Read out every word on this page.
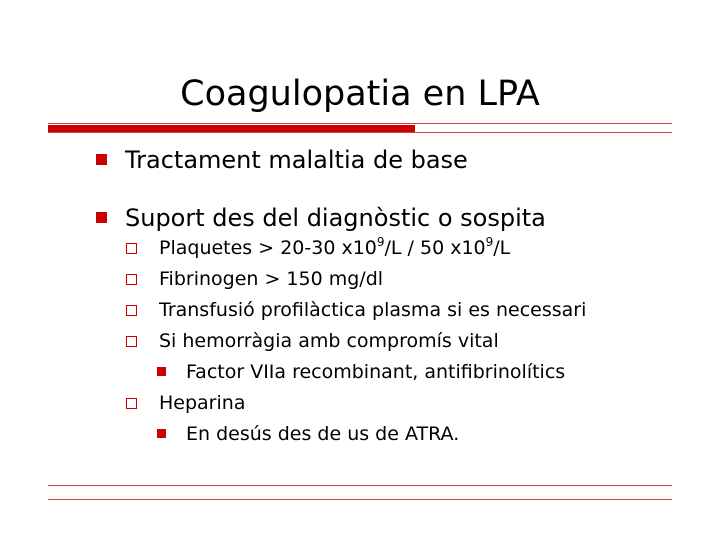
Coagulopatia en LPA
Tractament malaltia de base
Suport des del diagnòstic o sospita
Plaquetes > 20-30 $x10^9/L / 50$ $x10^9/L$
Fibrinogen > 150 mg/dl
Transfusió profilàctica plasma si es necessari
Si hemorràgia amb compromís vital
Factor VIIa recombinant, antifibrinolítics
Heparina
En desús des de us de ATRA.
